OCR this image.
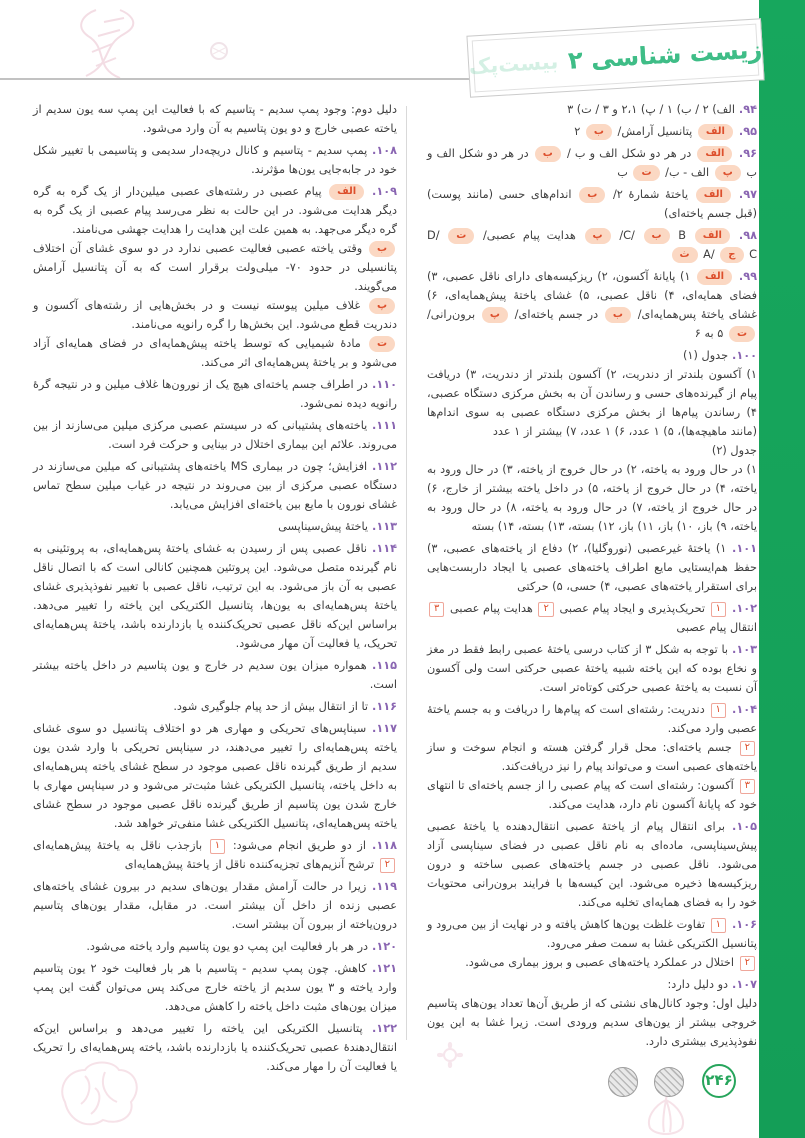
زیست شناسی ۲
بیست‌پک

۹۴. الف) ۲ / ب) ۱ / پ) ۲،۱ و ۳ / ت) ۳

۹۵. الف پتانسیل آرامش/ ب ۲

۹۶. الف در هر دو شکل الف و ب / ب در هر دو شکل الف و ب پ الف - ب/ ت ب

۹۷. الف یاختهٔ شمارهٔ ۲/ ب اندام‌های حسی (مانند پوست) (قبل جسم یاخته‌ای)

۹۸. الف C/ ب B/ پ هدایت پیام عصبی/ ت D/ ث A/ ج C

۹۹. الف ۱) پایانهٔ آکسون، ۲) ریزکیسه‌های دارای ناقل عصبی، ۳) فضای همایه‌ای، ۴) ناقل عصبی، ۵) غشای یاختهٔ پیش‌همایه‌ای، ۶) غشای یاختهٔ پس‌همایه‌ای/ ب در جسم یاخته‌ای/ پ برون‌رانی/ ت ۵ به ۶

۱۰۰. جدول (۱)

۱) آکسون بلندتر از دندریت، ۲) آکسون بلندتر از دندریت، ۳) دریافت پیام از گیرنده‌های حسی و رساندن آن به بخش مرکزی دستگاه عصبی، ۴) رساندن پیام‌ها از بخش مرکزی دستگاه عصبی به سوی اندام‌ها (مانند ماهیچه‌ها)، ۵) ۱ عدد، ۶) ۱ عدد، ۷) بیشتر از ۱ عدد

جدول (۲)

۱) در حال ورود به یاخته، ۲) در حال خروج از یاخته، ۳) در حال ورود به یاخته، ۴) در حال خروج از یاخته، ۵) در داخل یاخته بیشتر از خارج، ۶) در حال خروج از یاخته، ۷) در حال ورود به یاخته، ۸) در حال ورود به یاخته، ۹) باز، ۱۰) باز، ۱۱) باز، ۱۲) بسته، ۱۳) بسته، ۱۴) بسته

۱۰۱. ۱) یاختهٔ غیرعصبی (نوروگلیا)، ۲) دفاع از یاخته‌های عصبی، ۳) حفظ هم‌ایستایی مایع اطراف یاخته‌های عصبی یا ایجاد داربست‌هایی برای استقرار یاخته‌های عصبی، ۴) حسی، ۵) حرکتی

۱۰۲. ۱ تحریک‌پذیری و ایجاد پیام عصبی ۲ هدایت پیام عصبی ۳ انتقال پیام عصبی

۱۰۳. با توجه به شکل ۳ از کتاب درسی یاختهٔ عصبی رابط فقط در مغز و نخاع بوده که این یاخته شبیه یاختهٔ عصبی حرکتی است ولی آکسون آن نسبت به یاختهٔ عصبی حرکتی کوتاه‌تر است.

۱۰۴. ۱ دندریت: رشته‌ای است که پیام‌ها را دریافت و به جسم یاختهٔ عصبی وارد می‌کند.

۲ جسم یاخته‌ای: محل قرار گرفتن هسته و انجام سوخت و ساز یاخته‌های عصبی است و می‌تواند پیام را نیز دریافت‌کند.

۳ آکسون: رشته‌ای است که پیام عصبی را از جسم یاخته‌ای تا انتهای خود که پایانهٔ آکسون نام دارد، هدایت می‌کند.

۱۰۵. برای انتقال پیام از یاختهٔ عصبی انتقال‌دهنده یا یاختهٔ عصبی پیش‌سیناپسی، ماده‌ای به نام ناقل عصبی در فضای سیناپسی آزاد می‌شود. ناقل عصبی در جسم یاخته‌های عصبی ساخته و درون ریزکیسه‌ها ذخیره می‌شود. این کیسه‌ها با فرایند برون‌رانی محتویات خود را به فضای همایه‌ای تخلیه می‌کند.

۱۰۶. ۱ تفاوت غلظت یون‌ها کاهش یافته و در نهایت از بین می‌رود و پتانسیل الکتریکی غشا به سمت صفر می‌رود.

۲ اختلال در عملکرد یاخته‌های عصبی و بروز بیماری می‌شود.

۱۰۷. دو دلیل دارد:

دلیل اول: وجود کانال‌های نشتی که از طریق آن‌ها تعداد یون‌های پتاسیم خروجی بیشتر از یون‌های سدیم ورودی است. زیرا غشا به این یون نفوذپذیری بیشتری دارد.

دلیل دوم: وجود پمپ سدیم - پتاسیم که با فعالیت این پمپ سه یون سدیم از یاخته عصبی خارج و دو یون پتاسیم به آن وارد می‌شود.

۱۰۸. پمپ سدیم - پتاسیم و کانال دریچه‌دار سدیمی و پتاسیمی با تغییر شکل خود در جابه‌جایی یون‌ها مؤثرند.

۱۰۹. الف پیام عصبی در رشته‌های عصبی میلین‌دار از یک گره به گره دیگر هدایت می‌شود. در این حالت به نظر می‌رسد پیام عصبی از یک گره به گره دیگر می‌جهد. به همین علت این هدایت را هدایت جهشی می‌نامند.

ب وقتی یاخته عصبی فعالیت عصبی ندارد در دو سوی غشای آن اختلاف پتانسیلی در حدود ۷۰- میلی‌ولت برقرار است که به آن پتانسیل آرامش می‌گویند.

پ غلاف میلین پیوسته نیست و در بخش‌هایی از رشته‌های آکسون و دندریت قطع می‌شود. این بخش‌ها را گره رانویه می‌نامند.

ت مادهٔ شیمیایی که توسط یاخته پیش‌همایه‌ای در فضای همایه‌ای آزاد می‌شود و بر یاختهٔ پس‌همایه‌ای اثر می‌کند.

۱۱۰. در اطراف جسم یاخته‌ای هیچ یک از نورون‌ها غلاف میلین و در نتیجه گرهٔ رانویه دیده نمی‌شود.

۱۱۱. یاخته‌های پشتیبانی که در سیستم عصبی مرکزی میلین می‌سازند از بین می‌روند. علائم این بیماری اختلال در بینایی و حرکت فرد است.

۱۱۲. افزایش؛ چون در بیماری MS یاخته‌های پشتیبانی که میلین می‌سازند در دستگاه عصبی مرکزی از بین می‌روند در نتیجه در غیاب میلین سطح تماس غشای نورون با مایع بین یاخته‌ای افزایش می‌یابد.

۱۱۳. یاختهٔ پیش‌سیناپسی

۱۱۴. ناقل عصبی پس از رسیدن به غشای یاختهٔ پس‌همایه‌ای، به پروتئینی به نام گیرنده متصل می‌شود. این پروتئین همچنین کانالی است که با اتصال ناقل عصبی به آن باز می‌شود. به این ترتیب، ناقل عصبی با تغییر نفوذپذیری غشای یاختهٔ پس‌همایه‌ای به یون‌ها، پتانسیل الکتریکی این یاخته را تغییر می‌دهد. براساس این‌که ناقل عصبی تحریک‌کننده یا بازدارنده باشد، یاختهٔ پس‌همایه‌ای تحریک، یا فعالیت آن مهار می‌شود.

۱۱۵. همواره میزان یون سدیم در خارج و یون پتاسیم در داخل یاخته بیشتر است.

۱۱۶. تا از انتقال بیش از حد پیام جلوگیری شود.

۱۱۷. سیناپس‌های تحریکی و مهاری هر دو اختلاف پتانسیل دو سوی غشای یاخته پس‌همایه‌ای را تغییر می‌دهند، در سیناپس تحریکی با وارد شدن یون سدیم از طریق گیرنده ناقل عصبی موجود در سطح غشای یاخته پس‌همایه‌ای به داخل یاخته، پتانسیل الکتریکی غشا مثبت‌تر می‌شود و در سیناپس مهاری با خارج شدن یون پتاسیم از طریق گیرنده ناقل عصبی موجود در سطح غشای یاخته پس‌همایه‌ای، پتانسیل الکتریکی غشا منفی‌تر خواهد شد.

۱۱۸. از دو طریق انجام می‌شود: ۱ بازجذب ناقل به یاختهٔ پیش‌همایه‌ای ۲ ترشح آنزیم‌های تجزیه‌کننده ناقل از یاختهٔ پیش‌همایه‌ای

۱۱۹. زیرا در حالت آرامش مقدار یون‌های سدیم در بیرون غشای یاخته‌های عصبی زنده از داخل آن بیشتر است. در مقابل، مقدار یون‌های پتاسیم درون‌یاخته از بیرون آن بیشتر است.

۱۲۰. در هر بار فعالیت این پمپ دو یون پتاسیم وارد یاخته می‌شود.

۱۲۱. کاهش. چون پمپ سدیم - پتاسیم با هر بار فعالیت خود ۲ یون پتاسیم وارد یاخته و ۳ یون سدیم از یاخته خارج می‌کند پس می‌توان گفت این پمپ میزان یون‌های مثبت داخل یاخته را کاهش می‌دهد.

۱۲۲. پتانسیل الکتریکی این یاخته را تغییر می‌دهد و براساس این‌که انتقال‌دهندهٔ عصبی تحریک‌کننده یا بازدارنده باشد، یاخته پس‌همایه‌ای را تحریک یا فعالیت آن را مهار می‌کند.

۲۴۶
